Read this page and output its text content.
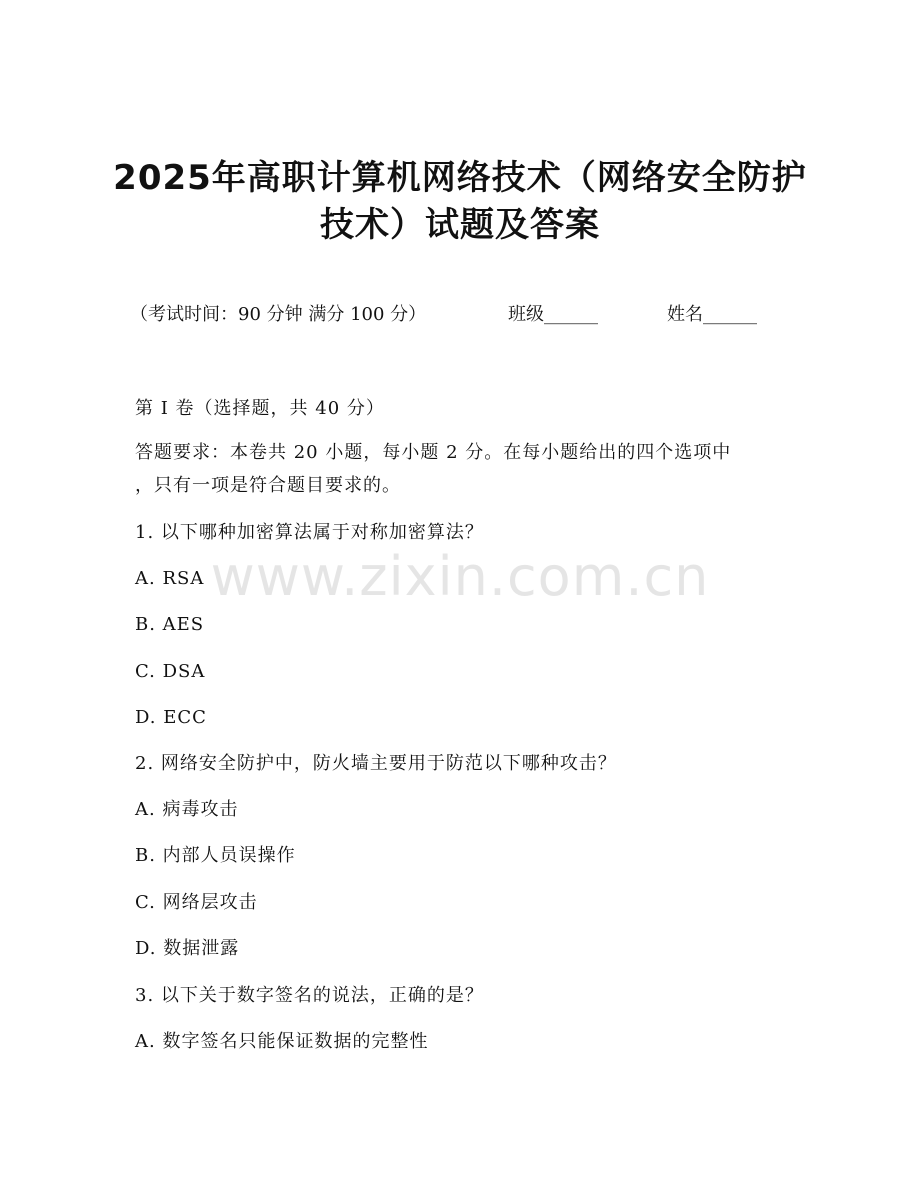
2025年高职计算机网络技术（网络安全防护
技术）试题及答案
（考试时间：90 分钟 满分 100 分）	班级______	姓名______
第 I 卷（选择题，共 40 分）
答题要求：本卷共 20 小题，每小题 2 分。在每小题给出的四个选项中
，只有一项是符合题目要求的。
1. 以下哪种加密算法属于对称加密算法？
A. RSA
B. AES
C. DSA
D. ECC
2. 网络安全防护中，防火墙主要用于防范以下哪种攻击？
A. 病毒攻击
B. 内部人员误操作
C. 网络层攻击
D. 数据泄露
3. 以下关于数字签名的说法，正确的是？
A. 数字签名只能保证数据的完整性
www.zixin.com.cn
